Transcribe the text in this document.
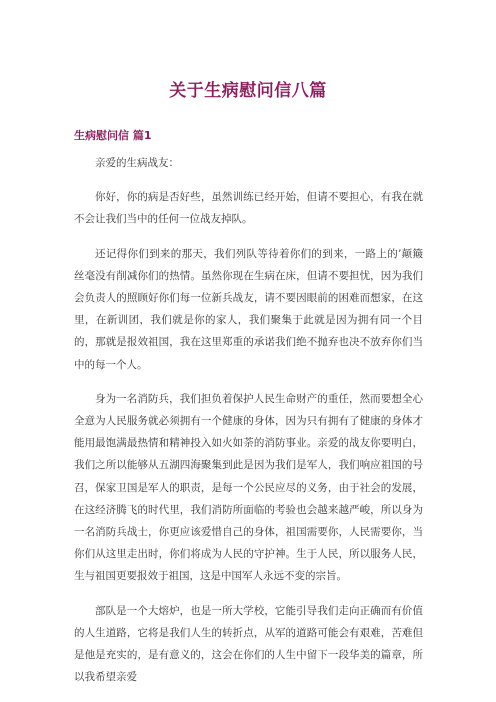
关于生病慰问信八篇
生病慰问信 篇1

亲爱的生病战友：

你好，你的病是否好些，虽然训练已经开始，但请不要担心，有我在就不会让我们当中的任何一位战友掉队。

还记得你们到来的那天，我们列队等待着你们的到来，一路上的’颠簸丝毫没有削减你们的热情。虽然你现在生病在床，但请不要担忧，因为我们会负责人的照顾好你们每一位新兵战友，请不要因眼前的困难而想家，在这里，在新训团，我们就是你的家人，我们聚集于此就是因为拥有同一个目的，那就是报效祖国，我在这里郑重的承诺我们绝不抛弃也决不放弃你们当中的每一个人。

身为一名消防兵，我们担负着保护人民生命财产的重任，然而要想全心全意为人民服务就必须拥有一个健康的身体，因为只有拥有了健康的身体才能用最饱满最热情和精神投入如火如荼的消防事业。亲爱的战友你要明白，我们之所以能够从五湖四海聚集到此是因为我们是军人，我们响应祖国的号召，保家卫国是军人的职责，是每一个公民应尽的义务，由于社会的发展，在这经济腾飞的时代里，我们消防所面临的考验也会越来越严峻，所以身为一名消防兵战士，你更应该爱惜自己的身体，祖国需要你，人民需要你，当你们从这里走出时，你们将成为人民的守护神。生于人民，所以服务人民，生与祖国更要报效于祖国，这是中国军人永远不变的宗旨。

部队是一个大熔炉，也是一所大学校，它能引导我们走向正确而有价值的人生道路，它将是我们人生的转折点，从军的道路可能会有艰难，苦难但是他是充实的，是有意义的，这会在你们的人生中留下一段华美的篇章，所以我希望亲爱
